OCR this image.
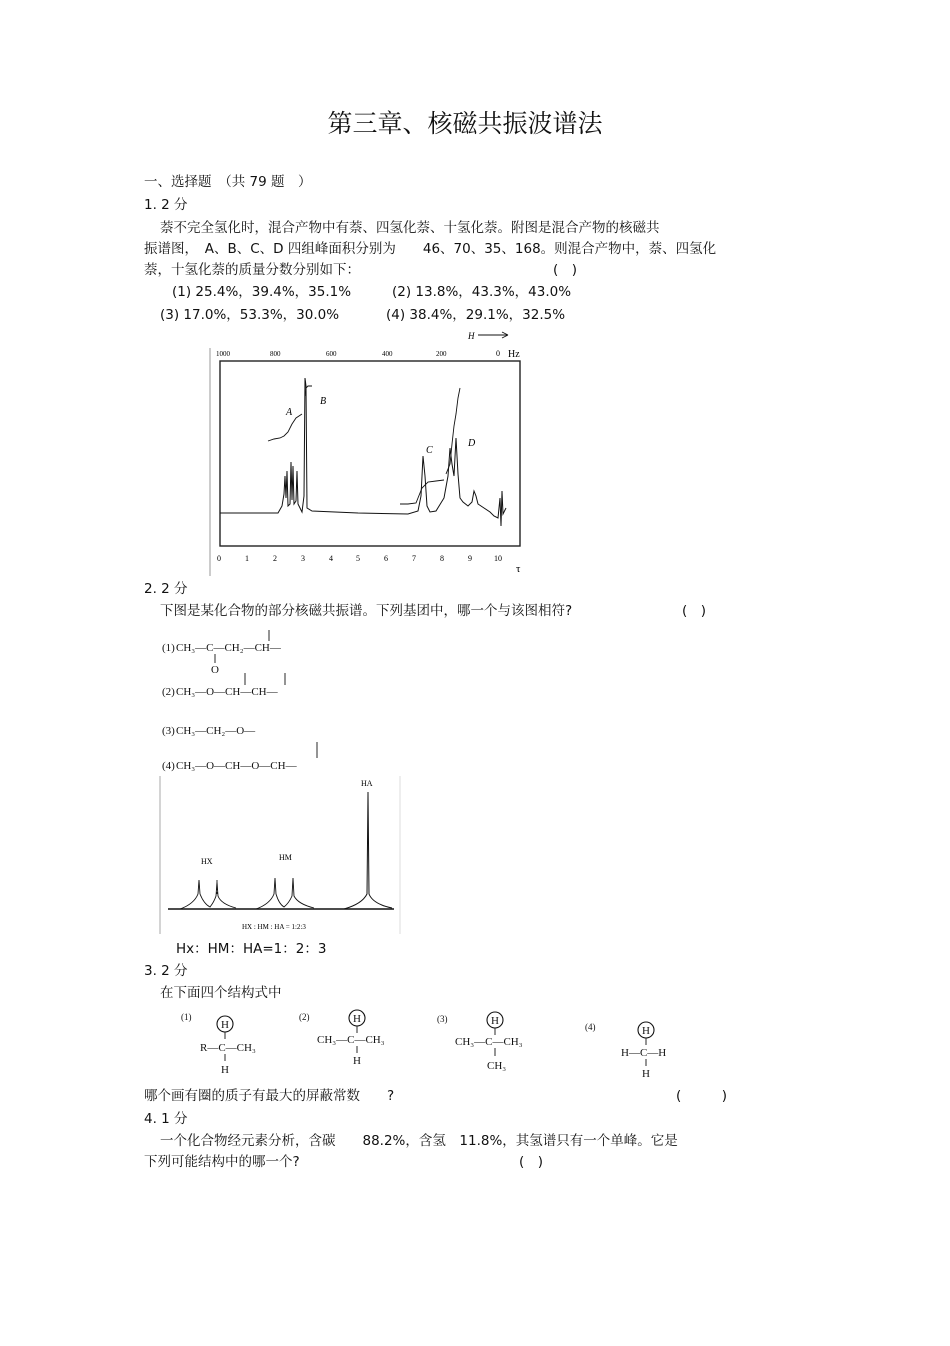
第三章、核磁共振波谱法
一、选择题　（共 79 题　）
1. 2 分
萘不完全氢化时，混合产物中有萘、四氢化萘、十氢化萘。附图是混合产物的核磁共
振谱图，　A、B、C、D 四组峰面积分别为　　46、70、35、168。则混合产物中，萘、四氢化
萘，十氢化萘的质量分数分别如下：	(　)
(1) 25.4%，39.4%，35.1%	(2) 13.8%，43.3%，43.0%
(3) 17.0%，53.3%，30.0%	(4) 38.4%，29.1%，32.5%
1000	800	600	400	200	0 Hz
H
A
B
C
D
0	1	2	3	4	5	6	7	8	9	10
τ
2. 2 分
下图是某化合物的部分核磁共振谱。下列基团中，哪一个与该图相符?	(　)
(1) CH₃—C—CH₂—CH—
O
(2) CH₃—O—CH—CH—
(3) CH₃—CH₂—O—
(4) CH₃—O—CH—O—CH—
HX	HM
HA
HX : HM : HA = 1:2:3
Hx：HM：HA=1：2：3
3. 2 分
在下面四个结构式中
(1)
H
R—C—CH₃
H
(2)	H
CH₃—C—CH₃
H
(3)	H
CH₃—C—CH₃
CH₃
(4)	H
H—C—H
H
哪个画有圈的质子有最大的屏蔽常数　　?	(　　　)
4. 1 分
一个化合物经元素分析，含碳　　88.2%，含氢　11.8%，其氢谱只有一个单峰。它是
下列可能结构中的哪一个?	(　)
